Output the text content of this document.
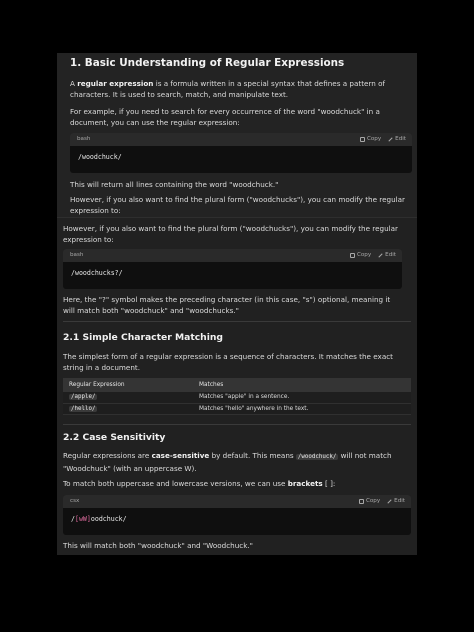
1. Basic Understanding of Regular Expressions
A regular expression is a formula written in a special syntax that defines a pattern of characters. It is used to search, match, and manipulate text.
For example, if you need to search for every occurrence of the word "woodchuck" in a document, you can use the regular expression:
bash	Copy	Edit
/woodchuck/
This will return all lines containing the word "woodchuck."
However, if you also want to find the plural form ("woodchucks"), you can modify the regular expression to:
However, if you also want to find the plural form ("woodchucks"), you can modify the regular expression to:
bash	Copy	Edit
/woodchucks?/
Here, the "?" symbol makes the preceding character (in this case, "s") optional, meaning it will match both "woodchuck" and "woodchucks."
2.1 Simple Character Matching
The simplest form of a regular expression is a sequence of characters. It matches the exact string in a document.
Regular Expression	Matches
/apple/	Matches "apple" in a sentence.
/hello/	Matches "hello" anywhere in the text.
2.2 Case Sensitivity
Regular expressions are case-sensitive by default. This means /woodchuck/ will not match "Woodchuck" (with an uppercase W).
To match both uppercase and lowercase versions, we can use brackets [ ]:
csx	Copy	Edit
/[wW]oodchuck/
This will match both "woodchuck" and "Woodchuck."
